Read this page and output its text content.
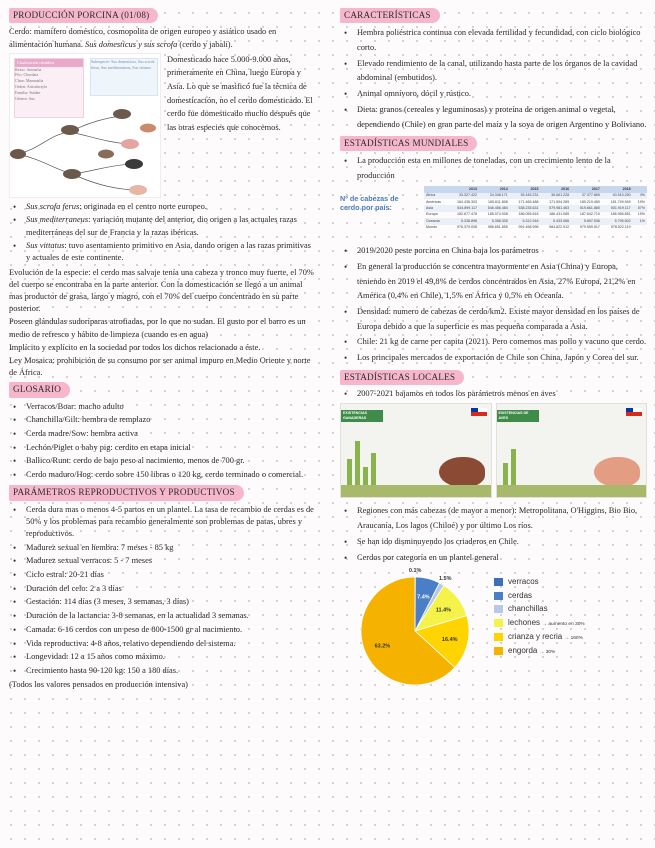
PRODUCCIÓN PORCINA (01/08)

Cerdo: mamífero doméstico, cosmopolita de origen europeo y asiático usado en alimentación humana. Sus domesticus y sus scrofa (cerdo y jabalí).

Clasificación científica
Reino: Animalia
Filo: Chordata
Clase: Mammalia
Orden: Artiodactyla
Familia: Suidae
Género: Sus
Subespecie: Sus domesticus, Sus scrofa ferus, Sus mediterraneus, Sus vittatus
Domesticado hace 5.000-9.000 años, primeramente en China, luego Europa y Asia. Lo que se masificó fue la técnica de domesticación, no el cerdo domesticado. El cerdo fue domesticado mucho después que las otras especies que conocemos.
• Sus scrofa ferus: originada en el centro norte europeo.
• Sus mediterraneus: variación mutante del anterior, dio origen a las actuales razas mediterráneas del sur de Francia y la razas ibéricas.
• Sus vittatus: tuvo asentamiento primitivo en Asia, dando origen a las razas primitivas y actuales de este continente.

Evolución de la especie: el cerdo mas salvaje tenía una cabeza y tronco muy fuerte, el 70% del cuerpo se encontraba en la parte anterior. Con la domesticación se llegó a un animal mas productor de grasa, largo y magro, con el 70% del cuerpo concentrado en su parte posterior.

Poseen glándulas sudoríparas atrofiadas, por lo que no sudan. El gusto por el barro es un medio de refresco y hábito de limpieza (cuando es en agua)

Implícito y explícito en la sociedad por todos los dichos relacionado a éste.

Ley Mosaica: prohibición de su consumo por ser animal impuro en Medio Oriente y norte de África.

GLOSARIO
• Verracos/Boar: macho adulto
• Chanchilla/Gilt: hembra de remplazo
• Cerda madre/Sow: hembra activa
• Lechón/Piglet o baby pig: cerdito en etapa inicial
• Ballico/Runt: cerdo de bajo peso al nacimiento, menos de 700 gr.
• Cerdo maduro/Hog: cerdo sobre 150 libras o 120 kg, cerdo terminado o comercial.
PARÁMETROS REPRODUCTIVOS Y PRODUCTIVOS
• Cerda dura mas o menos 4-5 partos en un plantel. La tasa de recambio de cerdas es de 50% y los problemas para recambio generalmente son problemas de patas, ubres y reproductivos.
• Madurez sexual en hembra: 7 meses - 85 kg
• Madurez sexual verracos: 5 - 7 meses
• Ciclo estral: 20-21 días
• Duración del celo: 2 a 3 días
• Gestación: 114 días (3 meses, 3 semanas, 3 días)
• Duración de la lactancia: 3-8 semanas, en la actualidad 3 semanas.
• Camada: 6-16 cerdos con un peso de 800-1500 gr al nacimiento.
• Vida reproductiva: 4-8 años, relativo dependiendo del sistema.
• Longevidad: 12 a 15 años como máximo.
• Crecimiento hasta 90-120 kg: 150 a 180 días.

(Todos los valores pensados en producción intensiva)

CARACTERÍSTICAS
• Hembra poliéstrica continua con elevada fertilidad y fecundidad, con ciclo biológico corto.
• Elevado rendimiento de la canal, utilizando hasta parte de los órganos de la cavidad abdominal (embutidos).
• Animal omnívoro, dócil y rústico.
• Dieta: granos (cereales y leguminosas) y proteína de origen animal o vegetal, dependiendo (Chile) en gran parte del maíz y la soya de origen Argentino y Boliviano.
ESTADÍSTICAS MUNDIALES
• La producción esta en millones de toneladas, con un crecimiento lento de la producción
Nº de cabezas de cerdo por país:
	2013	2014	2015	2016	2017	2018	
África	33.327.422	34.348.171	35.445.231	36.661.228	37.377.869	40.515.250	4%
Américas	164.436.303	165.611.808	171.465.486	171.504.289	180.219.460	181.749.949	19%
Asia	544.899.117	546.456.484	538.235.631	579.981.463	519.661.880	501.919.117	57%
Europa	182.677.478	185.074.008	186.055.618	186.431.085	187.642.710	186.956.851	19%
Oceanía	5.338.898	5.358.305	5.312.918	5.433.086	5.657.536	5.795.502	1%
Mundo	976.379.008	986.651.855	991.458.996	984.822.912	979.559.517	978.522.119	
• 2019/2020 peste porcina en China baja los parámetros
• En general la producción se concentra mayormente en Asia (China) y Europa, teniendo en 2019 el 49,8% de cerdos concentrados en Asia, 27% Europa, 21,2% en América (0,4% en Chile), 1,5% en África y 0,5% en Oceanía.
• Densidad: numero de cabezas de cerdo/km2. Existe mayor densidad en los países de Europa debido a que la superficie es mas pequeña comparada a Asia.
• Chile: 21 kg de carne per capita (2021). Pero comemos mas pollo y vacuno que cerdo.
• Los principales mercados de exportación de Chile son China, Japón y Corea del sur.
ESTADÍSTICAS LOCALES
• 2007-2021 bajamos en todos los parámetros menos en aves
EXISTENCIAS GANADERAS
EXISTENCIAS DE AVES
• Regiones con más cabezas (de mayor a menor): Metropolitana, O'Higgins, Bio Bio, Araucanía, Los lagos (Chiloé) y por último Los ríos.
• Se han ido disminuyendo los criaderos en Chile.
• Cerdos por categoría en un plantel general
0.1%
7.4%
1.5%
11.4%
16.4%
63.2%
verracos
cerdas
chanchillas
lechones → aumento en 30%
crianza y recria → 160%
engorda → 30%
